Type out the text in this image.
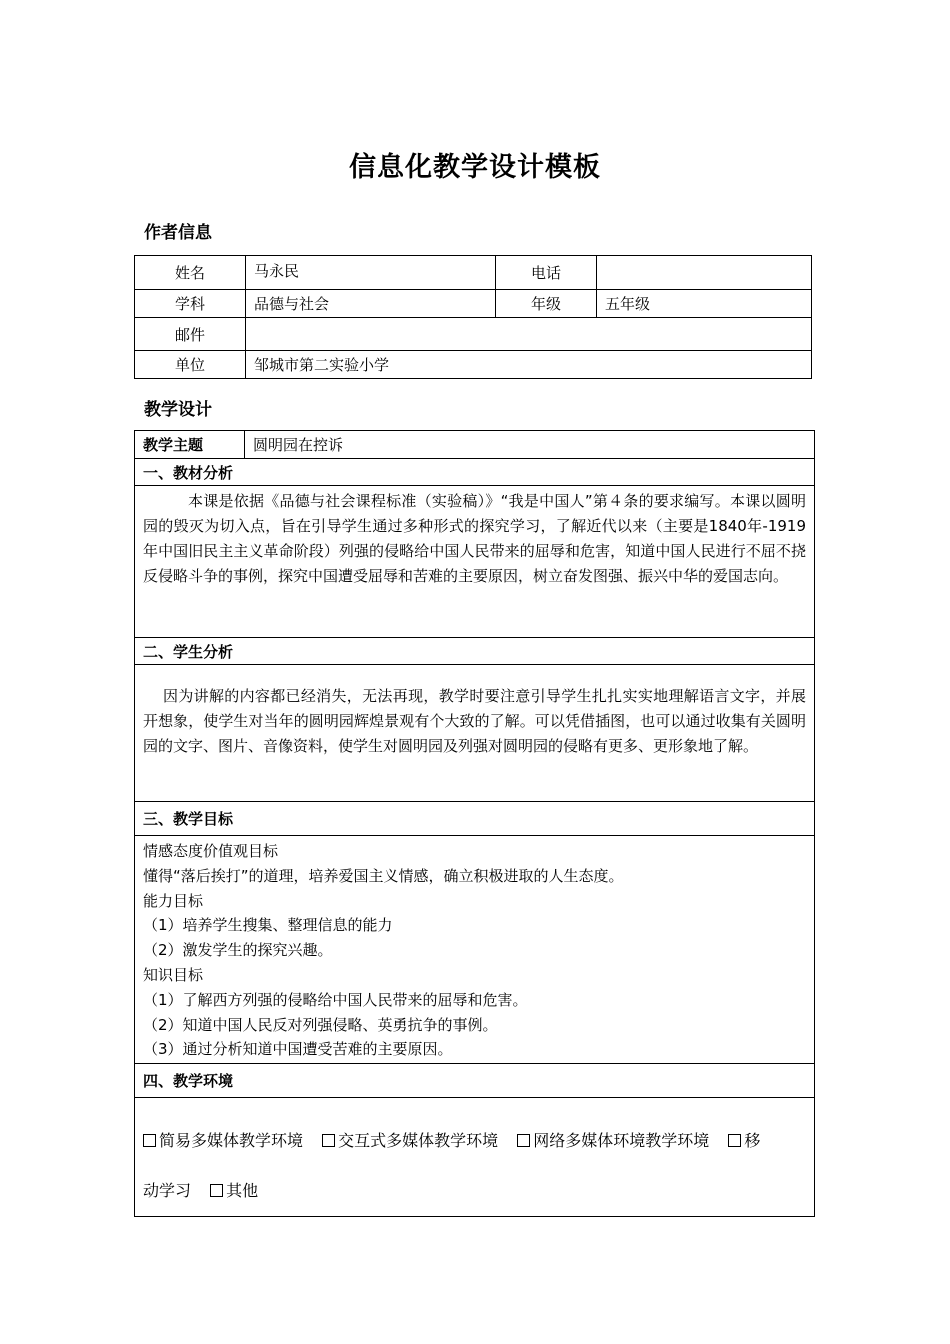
信息化教学设计模板
作者信息
姓名	马永民	电话	
学科	品德与社会	年级	五年级
邮件			
单位	邹城市第二实验小学		
教学设计
教学主题	圆明园在控诉
一、教材分析
本课是依据《品德与社会课程标准（实验稿）》“我是中国人”第４条的要求编写。本课以圆明园的毁灭为切入点，旨在引导学生通过多种形式的探究学习，了解近代以来（主要是1840年-1919年中国旧民主主义革命阶段）列强的侵略给中国人民带来的屈辱和危害，知道中国人民进行不屈不挠反侵略斗争的事例，探究中国遭受屈辱和苦难的主要原因，树立奋发图强、振兴中华的爱国志向。
二、学生分析
因为讲解的内容都已经消失，无法再现，教学时要注意引导学生扎扎实实地理解语言文字，并展开想象，使学生对当年的圆明园辉煌景观有个大致的了解。可以凭借插图，也可以通过收集有关圆明园的文字、图片、音像资料，使学生对圆明园及列强对圆明园的侵略有更多、更形象地了解。
三、教学目标

情感态度价值观目标
懂得“落后挨打”的道理，培养爱国主义情感，确立积极进取的人生态度。
能力目标
（1）培养学生搜集、整理信息的能力
（2）激发学生的探究兴趣。
知识目标
（1）了解西方列强的侵略给中国人民带来的屈辱和危害。
（2）知道中国人民反对列强侵略、英勇抗争的事例。
（3）通过分析知道中国遭受苦难的主要原因。

四、教学环境

简易多媒体教学环境 交互式多媒体教学环境 网络多媒体环境教学环境 移
动学习 其他
